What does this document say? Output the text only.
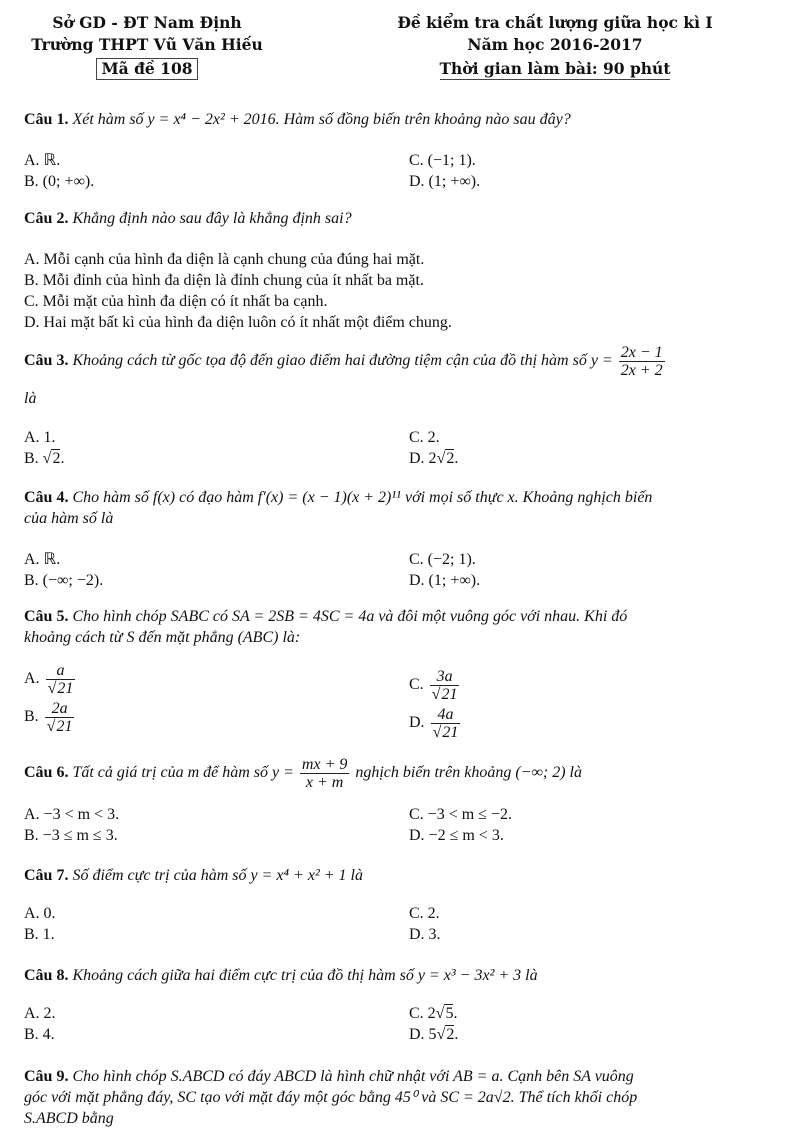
Sở GD - ĐT Nam Định
Trường THPT Vũ Văn Hiếu
Mã đề 108
Đề kiểm tra chất lượng giữa học kì I
Năm học 2016-2017
Thời gian làm bài: 90 phút
Câu 1. Xét hàm số y = x⁴ − 2x² + 2016. Hàm số đồng biến trên khoảng nào sau đây?
A. ℝ.
B. (0; +∞).
C. (−1; 1).
D. (1; +∞).
Câu 2. Khẳng định nào sau đây là khẳng định sai?
A. Mỗi cạnh của hình đa diện là cạnh chung của đúng hai mặt.
B. Mỗi đỉnh của hình đa diện là đỉnh chung của ít nhất ba mặt.
C. Mỗi mặt của hình đa diện có ít nhất ba cạnh.
D. Hai mặt bất kì của hình đa diện luôn có ít nhất một điểm chung.
Câu 3. Khoảng cách từ gốc tọa độ đến giao điểm hai đường tiệm cận của đồ thị hàm số $y = \frac{2x - 1}{2x + 2}$
là
A. 1.
B. √2.
C. 2.
D. 2√2.
Câu 4. Cho hàm số f(x) có đạo hàm f′(x) = (x − 1)(x + 2)¹¹ với mọi số thực x. Khoảng nghịch biến
của hàm số là
A. ℝ.
B. (−∞; −2).
C. (−2; 1).
D. (1; +∞).
Câu 5. Cho hình chóp SABC có SA = 2SB = 4SC = 4a và đôi một vuông góc với nhau. Khi đó
khoảng cách từ S đến mặt phẳng (ABC) là:
A. $\frac{a}{√21}$
B. $\frac{2a}{√21}$
C. $\frac{3a}{√21}$
D. $\frac{4a}{√21}$
Câu 6. Tất cả giá trị của m để hàm số $y = \frac{mx + 9}{x + m}$ nghịch biến trên khoảng (−∞; 2) là
A. −3 < m < 3.
B. −3 ≤ m ≤ 3.
C. −3 < m ≤ −2.
D. −2 ≤ m < 3.
Câu 7. Số điểm cực trị của hàm số y = x⁴ + x² + 1 là
A. 0.
B. 1.
C. 2.
D. 3.
Câu 8. Khoảng cách giữa hai điểm cực trị của đồ thị hàm số y = x³ − 3x² + 3 là
A. 2.
B. 4.
C. 2√5.
D. 5√2.
Câu 9. Cho hình chóp S.ABCD có đáy ABCD là hình chữ nhật với AB = a. Cạnh bên SA vuông
góc với mặt phẳng đáy, SC tạo với mặt đáy một góc bằng 45⁰ và SC = 2a√2. Thể tích khối chóp
S.ABCD bằng
